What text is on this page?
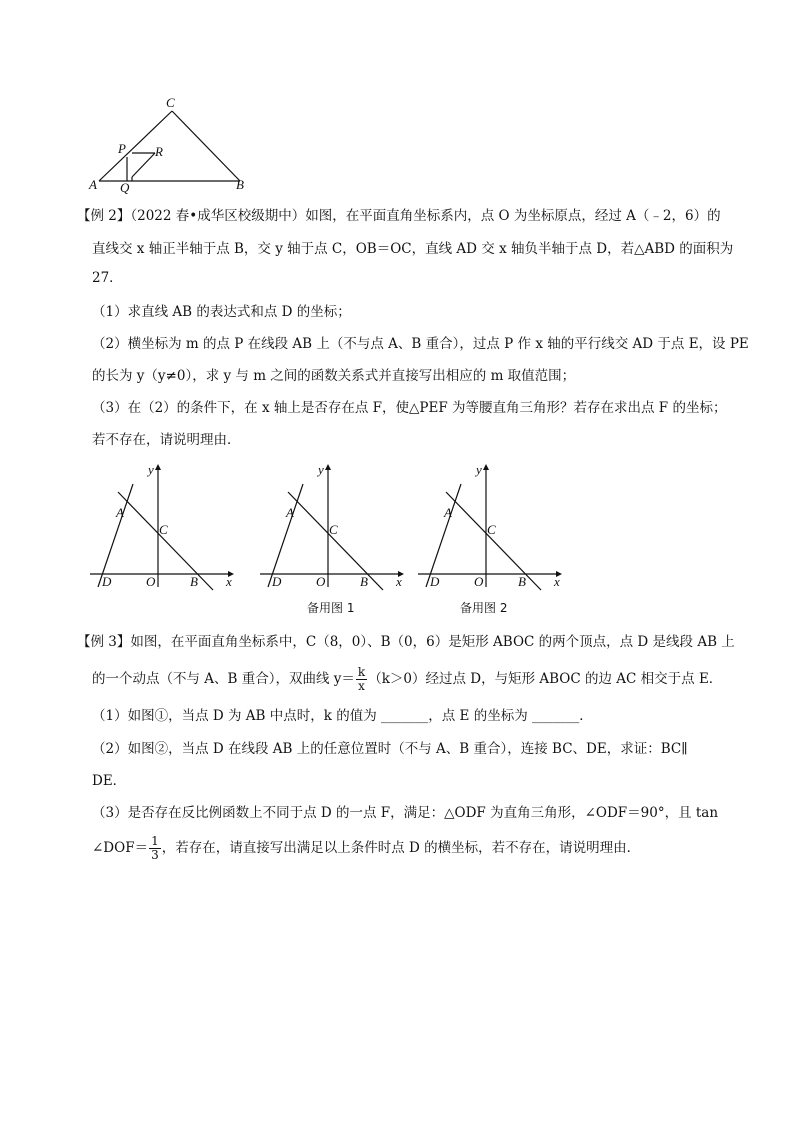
C
P R
A Q	B
【例 2】（2022 春•成华区校级期中）如图，在平面直角坐标系内，点 O 为坐标原点，经过 A（﹣2，6）的
直线交 x 轴正半轴于点 B，交 y 轴于点 C，OB＝OC，直线 AD 交 x 轴负半轴于点 D，若△ABD 的面积为
27．
（1）求直线 AB 的表达式和点 D 的坐标；
（2）横坐标为 m 的点 P 在线段 AB 上（不与点 A、B 重合），过点 P 作 x 轴的平行线交 AD 于点 E，设 PE
的长为 y（y≠0），求 y 与 m 之间的函数关系式并直接写出相应的 m 取值范围；
（3）在（2）的条件下，在 x 轴上是否存在点 F，使△PEF 为等腰直角三角形？若存在求出点 F 的坐标；
若不存在，请说明理由．
y
A
C
D	O	B x
y
A
C
D	O	B x
备用图 1
y
A
C
D	O	B x
备用图 2
【例 3】如图，在平面直角坐标系中，C（8，0）、B（0，6）是矩形 ABOC 的两个顶点，点 D 是线段 AB 上
的一个动点（不与 A、B 重合），双曲线 $y= \frac{k}{x} (k>0)$经过点 D，与矩形 ABOC 的边 AC 相交于点 E．
（1）如图①，当点 D 为 AB 中点时，k 的值为 _______，点 E 的坐标为 _______．
（2）如图②，当点 D 在线段 AB 上的任意位置时（不与 A、B 重合），连接 BC、DE，求证：BC∥
DE．
（3）是否存在反比例函数上不同于点 D 的一点 F，满足：△ODF 为直角三角形，∠ODF＝90°，且 tan
∠DOF＝ $\frac{1}{3}$ ，若存在，请直接写出满足以上条件时点 D 的横坐标，若不存在，请说明理由．
